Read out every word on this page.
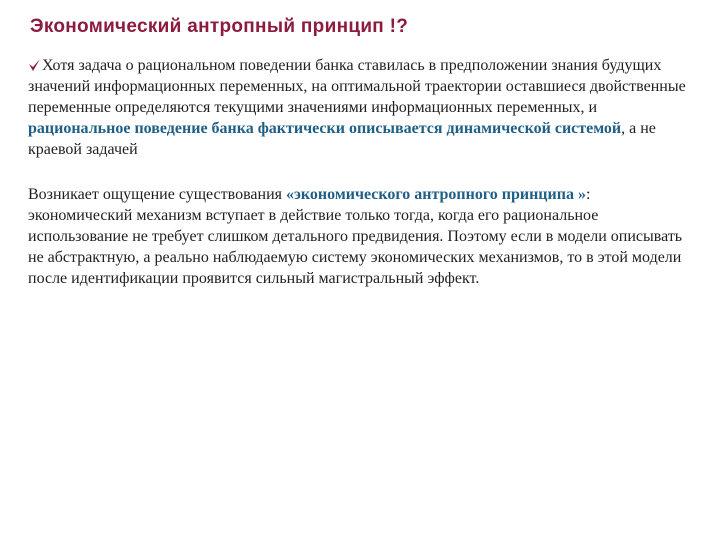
Экономический антропный принцип !?
Хотя задача о рациональном поведении банка ставилась в предположении знания будущих значений информационных переменных, на оптимальной траектории оставшиеся двойственные переменные определяются текущими значениями информационных переменных, и рациональное поведение банка фактически описывается динамической системой, а не краевой задачей
Возникает ощущение существования «экономического антропного принципа »: экономический механизм вступает в действие только тогда, когда его рациональное использование не требует слишком детального предвидения. Поэтому если в модели описывать не абстрактную, а реально наблюдаемую систему экономических механизмов, то в этой модели после идентификации проявится сильный магистральный эффект.
